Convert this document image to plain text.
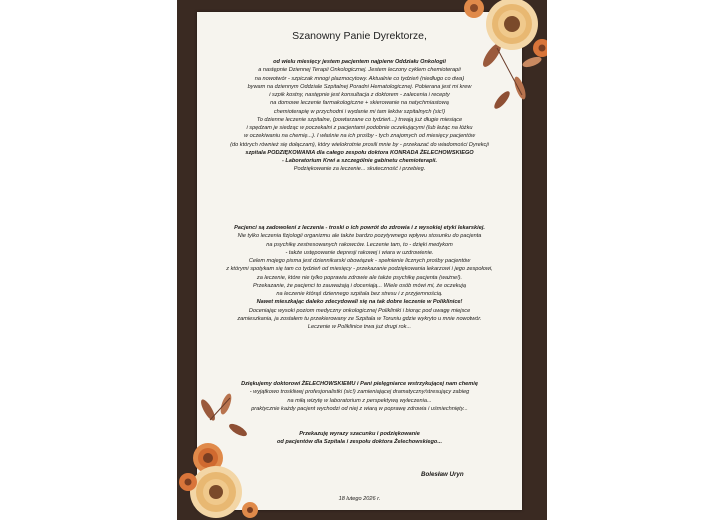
Szanowny Panie Dyrektorze,
od wielu miesięcy jestem pacjentem najpierw Oddziału Onkologii
a następnie Dziennej Terapii Onkologicznej. Jestem leczony cyklem chemioterapii
na nowotwór - szpiczak mnogi plazmocytowy. Aktualnie co tydzień (niedługo co dwa)
bywam na dziennym Oddziale Szpitalnej Poradni Hematologicznej. Pobierana jest mi krew
i szpik kostny, następnie jest konsultacja z doktorem - zalecenia i recepty
na domowe leczenie farmakologiczne + skierowanie na natychmiastową
chemioterapię w przychodni i wydanie mi tam leków szpitalnych (sic!)
To dzienne leczenie szpitalne, (powtarzane co tydzień...) trwają już długie miesiące
i spędzam je siedząc w poczekalni z pacjentami podobnie oczekującymi (lub leżąc na łóżku
w oczekiwaniu na chemię...). I właśnie na ich prośby - tych znajomych od miesięcy pacjentów
(do których również się dołączam), który wielokrotnie prosili mnie by - przekazać do wiadomości Dyrekcji
szpitala PODZIĘKOWANIA dla całego zespołu doktora KONRADA ŻELECHOWSKIEGO
- Laboratorium Krwi a szczególnie gabinetu chemioterapii.
Podziękowanie za leczenie... skuteczność i przebieg.
Pacjenci są zadowoleni z leczenia - troski o ich powrót do zdrowia i z wysokiej etyki lekarskiej.
Nie tylko leczenia fizjologii organizmu ale także bardzo pozytywnego wpływu stosunku do pacjenta
na psychikę zestresowanych rakowców. Leczenie tam, to - dzięki medykom
- także ustępowanie depresji rakowej i wiara w uzdrowienie.
Celem mojego pisma jest dziennikarski obowiązek - spełnienie licznych prośby pacjentów
z którymi spotykam się tam co tydzień od miesięcy - przekazanie podziękowania lekarzowi i jego zespołowi,
za leczenie, które nie tylko poprawia zdrowie ale także psychikę pacjenta (ważne!).
Przekazanie, że pacjenci to zauważają i doceniają... Wiele osób mówi mi, że oczekują
na leczenie którąś dziennego szpitala bez stresu i z przyjemnością.
Nawet mieszkając daleko zdecydowali się na tak dobre leczenie w Poliklinice!
Doceniając wysoki poziom medyczny onkologicznej Polikliniki i biorąc pod uwagę miejsce
zamieszkania, ja zostałem tu przekierowany ze Szpitala w Toruniu gdzie wykryto u mnie nowotwór.
Leczenie w Poliklinice trwa już drugi rok...
Dziękujemy doktorowi ŻELECHOWSKIEMU i Pani pielęgniarce wstrzykującej nam chemię
- wyjątkowo troskliwej profesjonalistki (sic!) zamieniającej dramatyczny/stresujący zabieg
na miłą wizytę w laboratorium z perspektywą wyleczenia...
praktycznie każdy pacjent wychodzi od niej z wiarą w poprawę zdrowia i uśmiechnięty...
Przekazuję wyrazy szacunku i podziękowanie
od pacjentów dla Szpitala i zespołu doktora Żelechowskiego...
Bolesław Uryn
18 lutego 2026 r.
